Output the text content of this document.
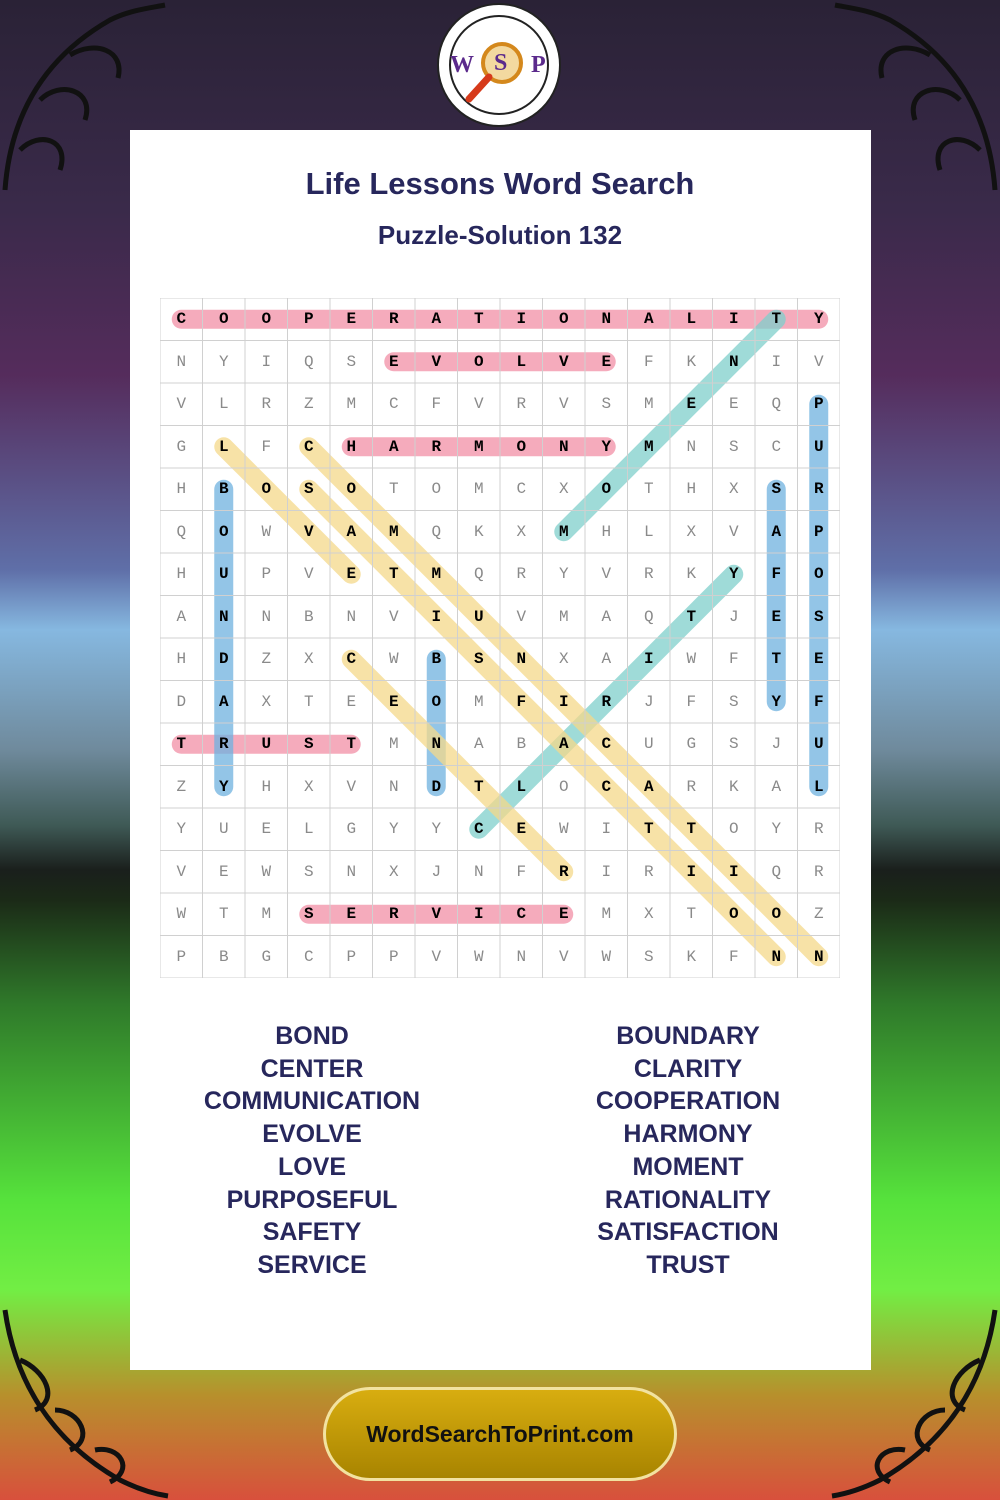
W S P
Life Lessons Word Search
Puzzle-Solution 132
C	O	O	P	E	R	A	T	I	O	N	A	L	I	T	Y
N	Y	I	Q	S	E	V	O	L	V	E	F	K	N	I	V
V	L	R	Z	M	C	F	V	R	V	S	M	E	E	Q	P
G	L	F	C	H	A	R	M	O	N	Y	M	N	S	C	U
H	B	O	S	O	T	O	M	C	X	O	T	H	X	S	R
Q	O	W	V	A	M	Q	K	X	M	H	L	X	V	A	P
H	U	P	V	E	T	M	Q	R	Y	V	R	K	Y	F	O
A	N	N	B	N	V	I	U	V	M	A	Q	T	J	E	S
H	D	Z	X	C	W	B	S	N	X	A	I	W	F	T	E
D	A	X	T	E	E	O	M	F	I	R	J	F	S	Y	F
T	R	U	S	T	M	N	A	B	A	C	U	G	S	J	U
Z	Y	H	X	V	N	D	T	L	O	C	A	R	K	A	L
Y	U	E	L	G	Y	Y	C	E	W	I	T	T	O	Y	R
V	E	W	S	N	X	J	N	F	R	I	R	I	I	Q	R
W	T	M	S	E	R	V	I	C	E	M	X	T	O	O	Z
P	B	G	C	P	P	V	W	N	V	W	S	K	F	N	N
BOND
CENTER
COMMUNICATION
EVOLVE
LOVE
PURPOSEFUL
SAFETY
SERVICE
BOUNDARY
CLARITY
COOPERATION
HARMONY
MOMENT
RATIONALITY
SATISFACTION
TRUST
WordSearchToPrint.com
